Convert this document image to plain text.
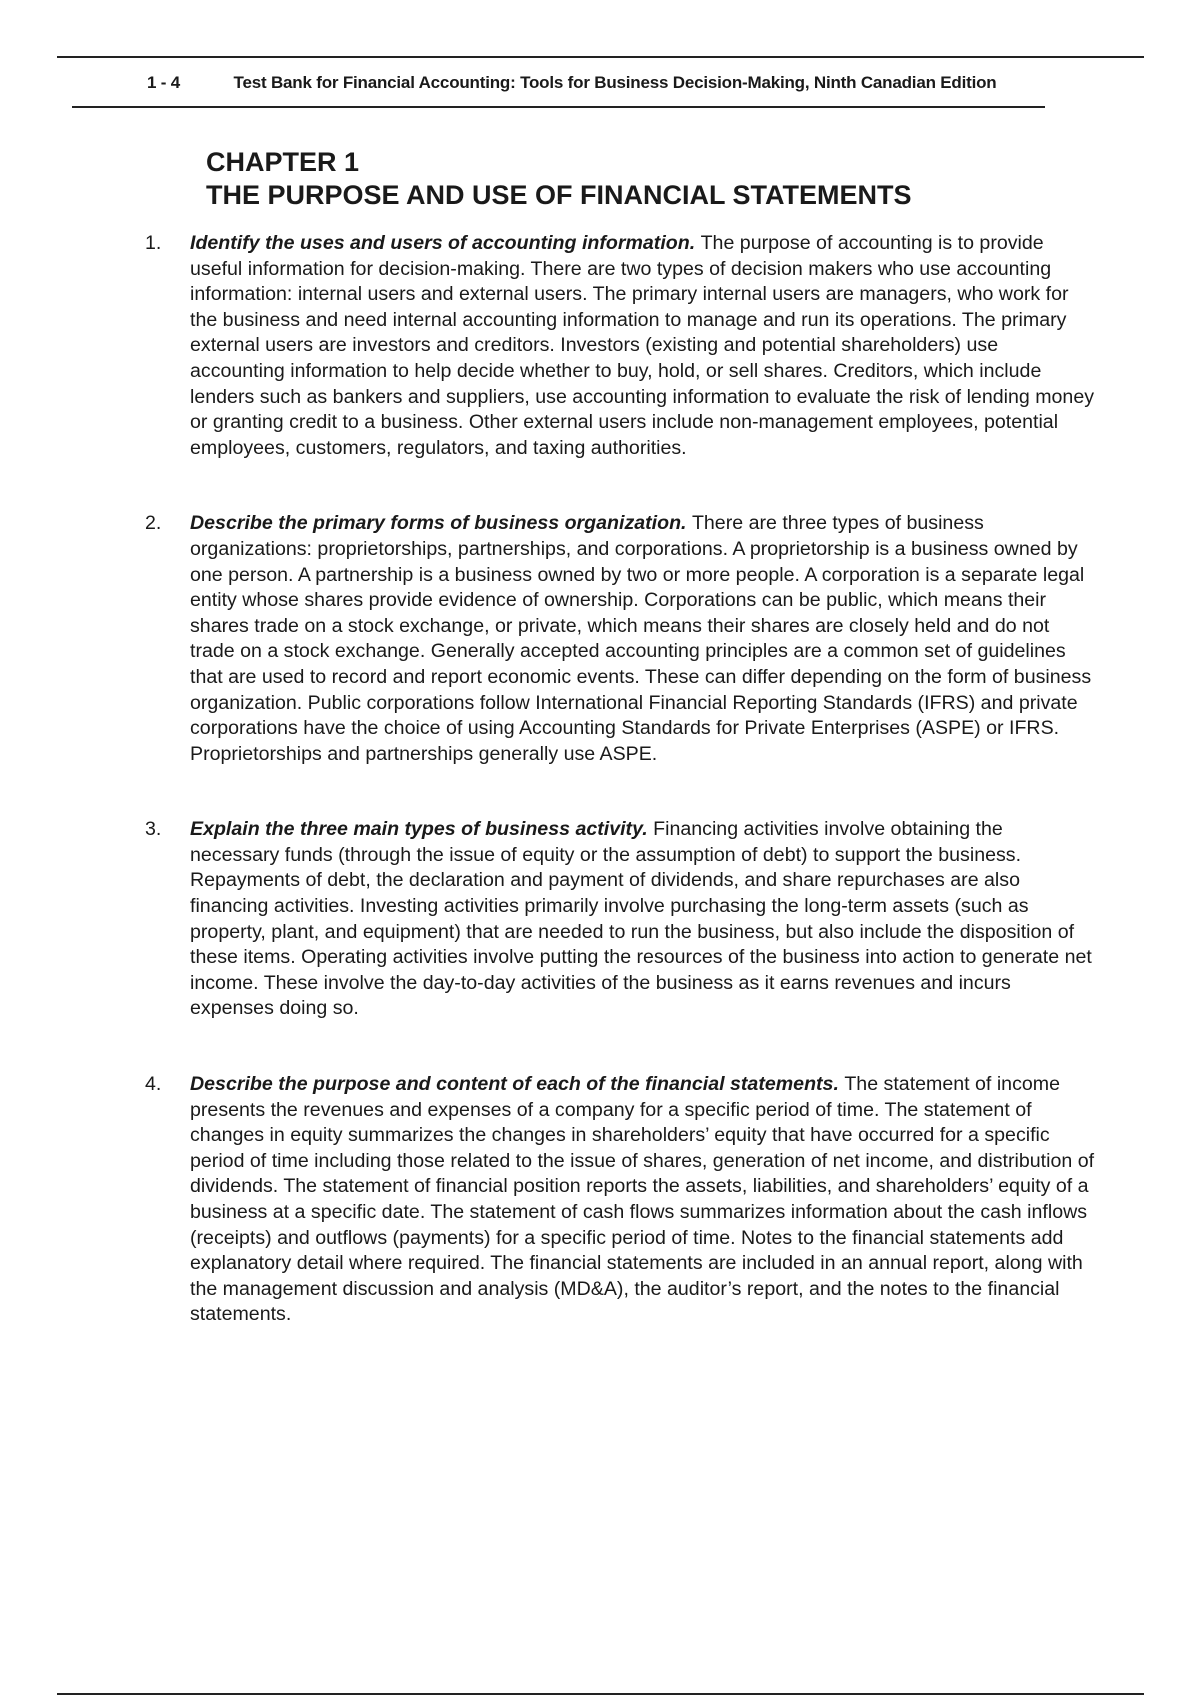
1 - 4	Test Bank for Financial Accounting: Tools for Business Decision-Making, Ninth Canadian Edition
CHAPTER 1
THE PURPOSE AND USE OF FINANCIAL STATEMENTS
1. Identify the uses and users of accounting information. The purpose of accounting is to provide useful information for decision-making. There are two types of decision makers who use accounting information: internal users and external users. The primary internal users are managers, who work for the business and need internal accounting information to manage and run its operations. The primary external users are investors and creditors. Investors (existing and potential shareholders) use accounting information to help decide whether to buy, hold, or sell shares. Creditors, which include lenders such as bankers and suppliers, use accounting information to evaluate the risk of lending money or granting credit to a business. Other external users include non-management employees, potential employees, customers, regulators, and taxing authorities.
2. Describe the primary forms of business organization. There are three types of business organizations: proprietorships, partnerships, and corporations. A proprietorship is a business owned by one person. A partnership is a business owned by two or more people. A corporation is a separate legal entity whose shares provide evidence of ownership. Corporations can be public, which means their shares trade on a stock exchange, or private, which means their shares are closely held and do not trade on a stock exchange. Generally accepted accounting principles are a common set of guidelines that are used to record and report economic events. These can differ depending on the form of business organization. Public corporations follow International Financial Reporting Standards (IFRS) and private corporations have the choice of using Accounting Standards for Private Enterprises (ASPE) or IFRS. Proprietorships and partnerships generally use ASPE.
3. Explain the three main types of business activity. Financing activities involve obtaining the necessary funds (through the issue of equity or the assumption of debt) to support the business. Repayments of debt, the declaration and payment of dividends, and share repurchases are also financing activities. Investing activities primarily involve purchasing the long-term assets (such as property, plant, and equipment) that are needed to run the business, but also include the disposition of these items. Operating activities involve putting the resources of the business into action to generate net income. These involve the day-to-day activities of the business as it earns revenues and incurs expenses doing so.
4. Describe the purpose and content of each of the financial statements. The statement of income presents the revenues and expenses of a company for a specific period of time. The statement of changes in equity summarizes the changes in shareholders’ equity that have occurred for a specific period of time including those related to the issue of shares, generation of net income, and distribution of dividends. The statement of financial position reports the assets, liabilities, and shareholders’ equity of a business at a specific date. The statement of cash flows summarizes information about the cash inflows (receipts) and outflows (payments) for a specific period of time. Notes to the financial statements add explanatory detail where required. The financial statements are included in an annual report, along with the management discussion and analysis (MD&A), the auditor’s report, and the notes to the financial statements.
